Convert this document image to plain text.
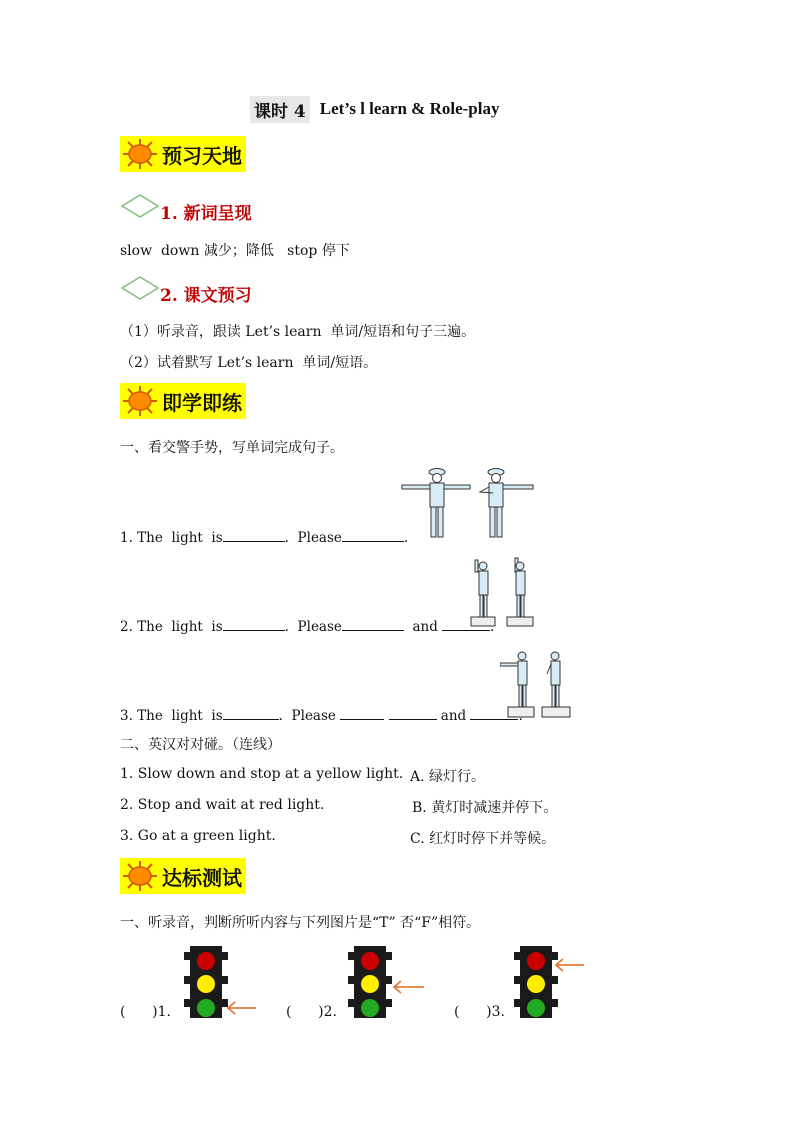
课时 4 Let’s l learn & Role-play
预习天地
1. 新词呈现
slow  down 减少；降低   stop 停下
2. 课文预习
（1）听录音，跟读 Let’s learn  单词/短语和句子三遍。
（2）试着默写 Let’s learn  单词/短语。
即学即练
一、看交警手势，写单词完成句子。
1. The  light  is	.  Please	.
2. The  light  is	.  Please	and	.
3. The  light  is	.  Please	and	.
二、英汉对对碰。（连线）
1. Slow down and stop at a yellow light.
2. Stop and wait at red light.
3. Go at a green light.
A. 绿灯行。
B. 黄灯时减速并停下。
C. 红灯时停下并等候。
达标测试
一、听录音，判断所听内容与下列图片是“T” 否“F”相符。
(      )1.	(      )2.	(      )3.
